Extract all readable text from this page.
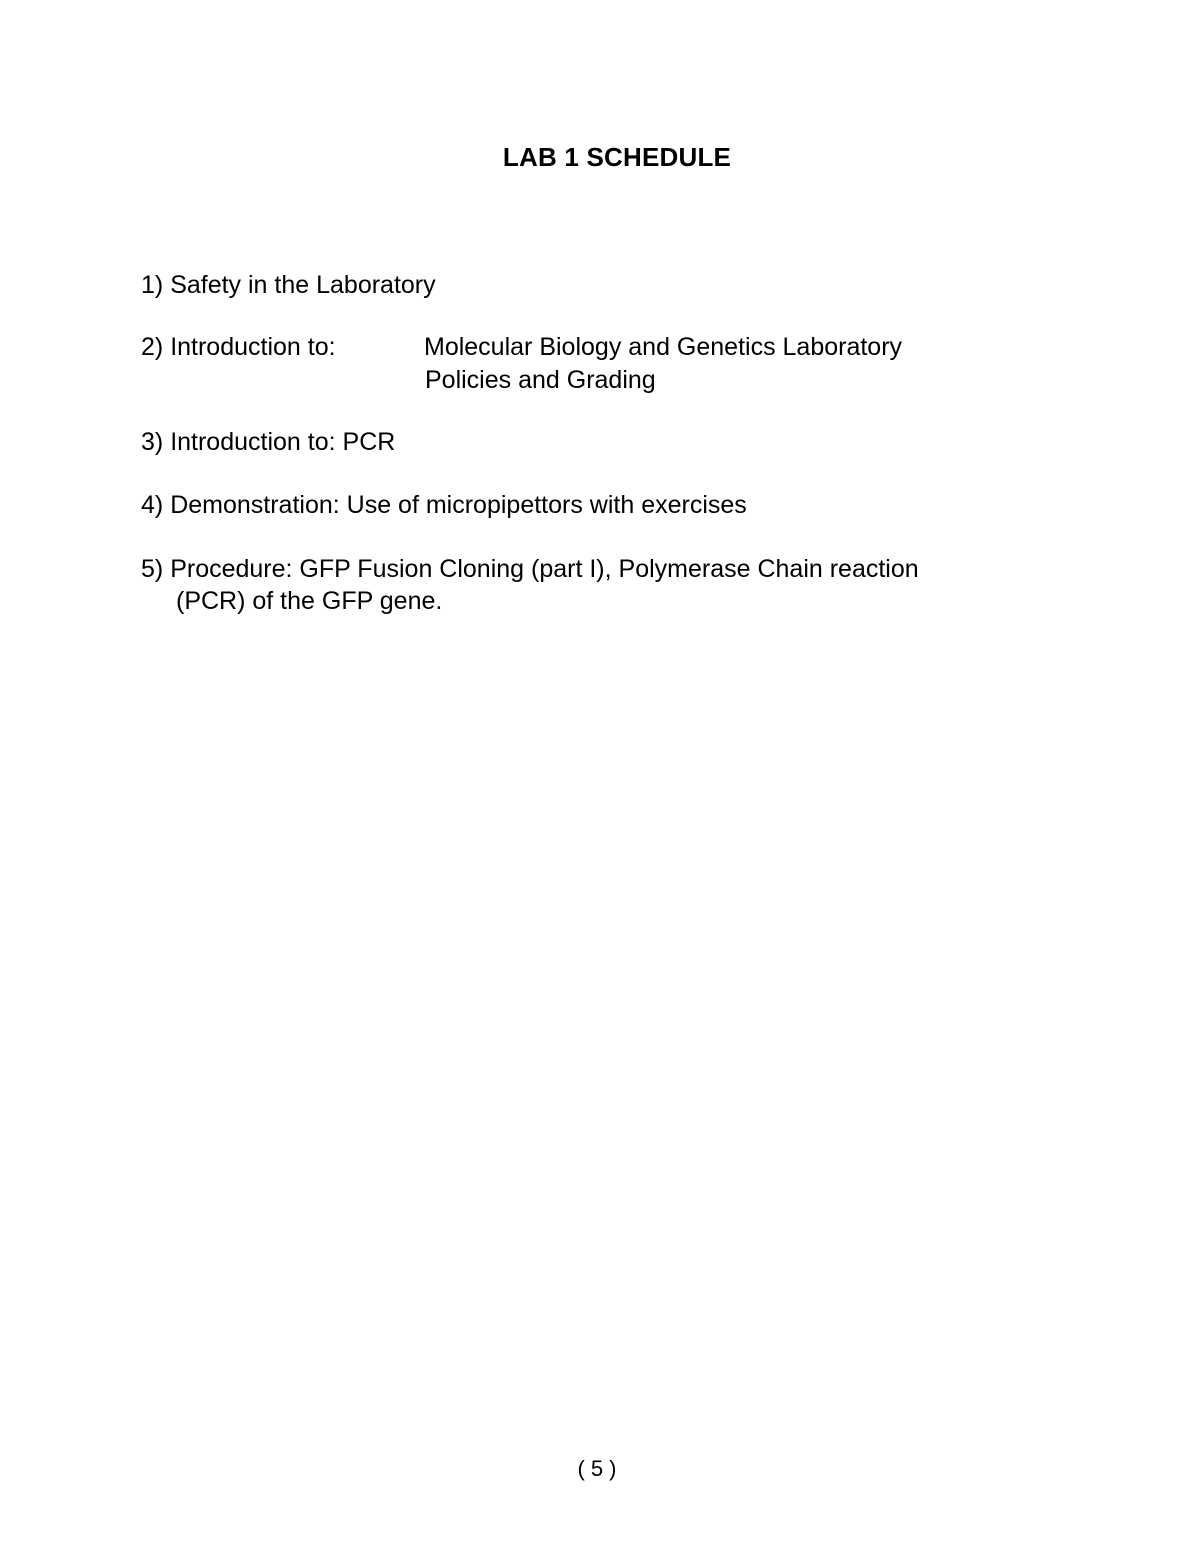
LAB 1 SCHEDULE
1) Safety in the Laboratory
2) Introduction to:	Molecular Biology and Genetics Laboratory
Policies and Grading
3) Introduction to: PCR
4) Demonstration: Use of micropipettors with exercises
5) Procedure: GFP Fusion Cloning (part I), Polymerase Chain reaction
(PCR) of the GFP gene.
(5)
